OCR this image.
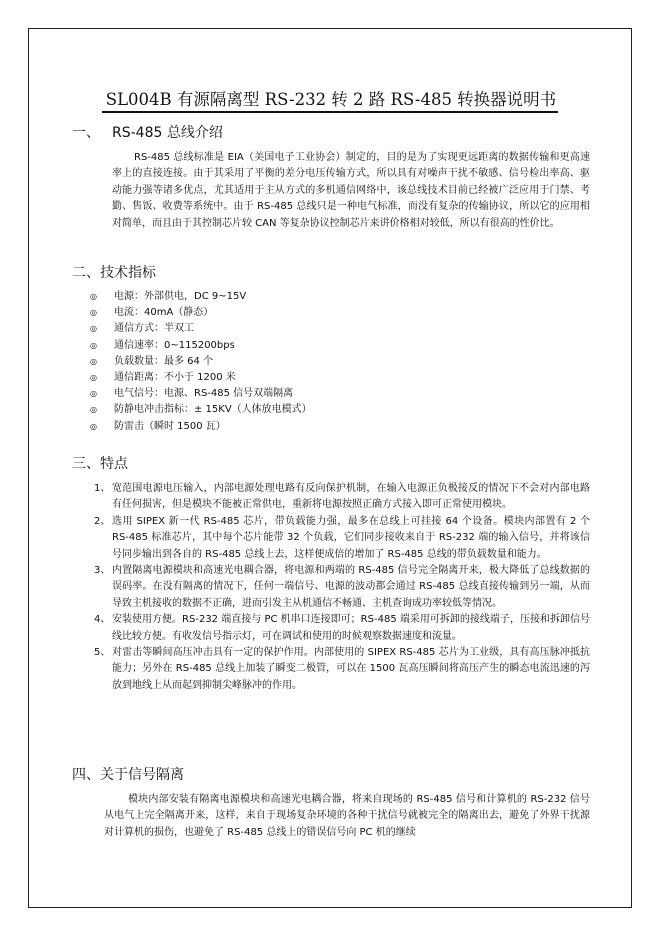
SL004B 有源隔离型 RS-232 转 2 路 RS-485 转换器说明书
一、 RS-485 总线介绍
RS-485 总线标准是 EIA（美国电子工业协会）制定的，目的是为了实现更远距离的数据传输和更高速率上的直接连接。由于其采用了平衡的差分电压传输方式，所以具有对噪声干扰不敏感、信号检出率高、驱动能力强等诸多优点，尤其适用于主从方式的多机通信网络中，该总线技术目前已经被广泛应用于门禁、考勤、售饭、收费等系统中。由于 RS-485 总线只是一种电气标准，而没有复杂的传输协议，所以它的应用相对简单，而且由于其控制芯片较 CAN 等复杂协议控制芯片来讲价格相对较低，所以有很高的性价比。
二、技术指标
◎ 电源：外部供电，DC 9~15V
◎ 电流：40mA（静态）
◎ 通信方式：半双工
◎ 通信速率：0~115200bps
◎ 负载数量：最多 64 个
◎ 通信距离：不小于 1200 米
◎ 电气信号：电源、RS-485 信号双端隔离
◎ 防静电冲击指标：± 15KV（人体放电模式）
◎ 防雷击（瞬时 1500 瓦）
三、特点
1、 宽范围电源电压输入，内部电源处理电路有反向保护机制，在输入电源正负极接反的情况下不会对内部电路有任何损害，但是模块不能被正常供电，重新将电源按照正确方式接入即可正常使用模块。
2、 选用 SIPEX 新一代 RS-485 芯片，带负载能力强，最多在总线上可挂接 64 个设备。模块内部置有 2 个 RS-485 标准芯片，其中每个芯片能带 32 个负载，它们同步接收来自于 RS-232 端的输入信号，并将该信号同步输出到各自的 RS-485 总线上去，这样便成倍的增加了 RS-485 总线的带负载数量和能力。
3、 内置隔离电源模块和高速光电耦合器，将电源和两端的 RS-485 信号完全隔离开来，极大降低了总线数据的误码率。在没有隔离的情况下，任何一端信号、电源的波动都会通过 RS-485 总线直接传输到另一端，从而导致主机接收的数据不正确，进而引发主从机通信不畅通、主机查询成功率较低等情况。
4、 安装使用方便。RS-232 端直接与 PC 机串口连接即可；RS-485 端采用可拆卸的接线端子，压接和拆卸信号线比较方便。有收发信号指示灯，可在调试和使用的时候观察数据速度和流量。
5、 对雷击等瞬间高压冲击具有一定的保护作用。内部使用的 SIPEX RS-485 芯片为工业级，具有高压脉冲抵抗能力；另外在 RS-485 总线上加装了瞬变二极管，可以在 1500 瓦高压瞬间将高压产生的瞬态电流迅速的泻放到地线上从而起到抑制尖峰脉冲的作用。
四、关于信号隔离
模块内部安装有隔离电源模块和高速光电耦合器，将来自现场的 RS-485 信号和计算机的 RS-232 信号从电气上完全隔离开来，这样，来自于现场复杂环境的各种干扰信号就被完全的隔离出去，避免了外界干扰源对计算机的损伤，也避免了 RS-485 总线上的错误信号向 PC 机的继续
